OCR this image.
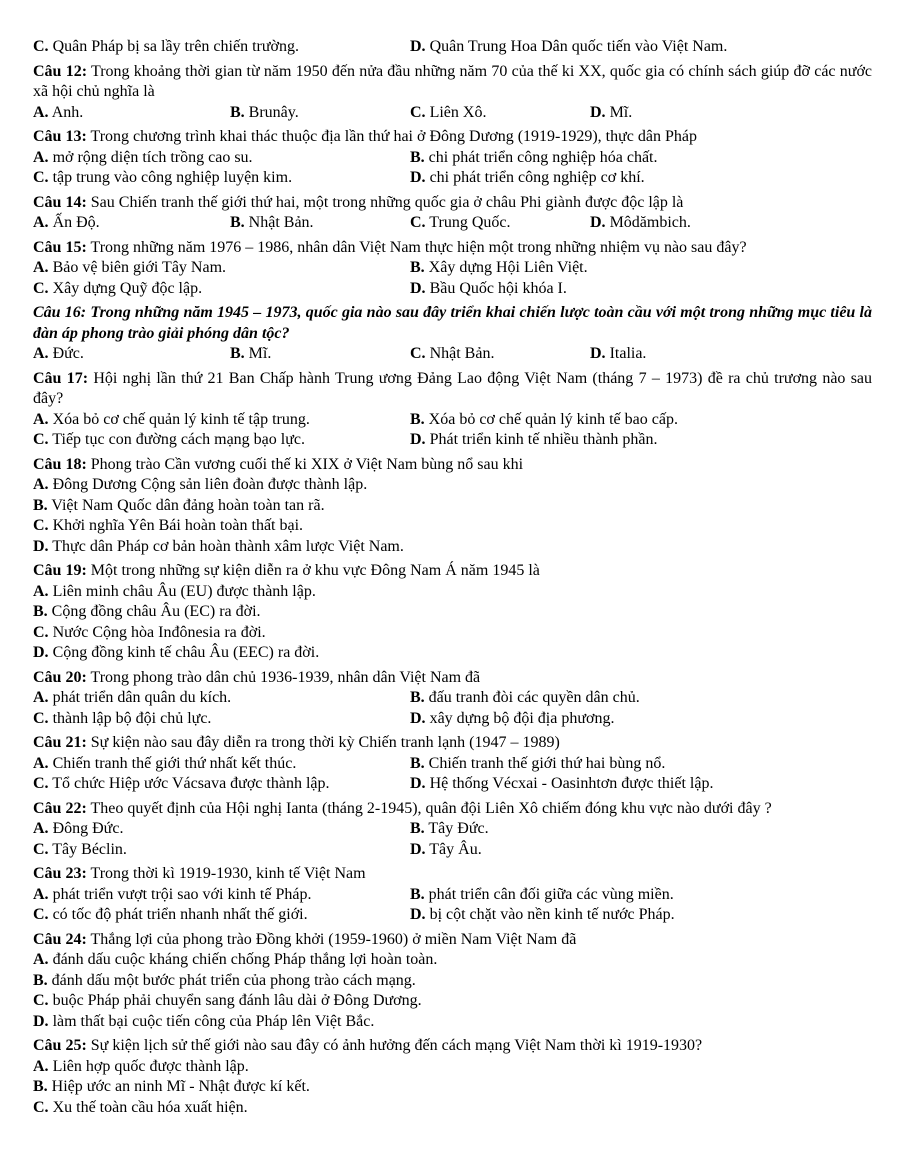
C. Quân Pháp bị sa lầy trên chiến trường.	D. Quân Trung Hoa Dân quốc tiến vào Việt Nam.
Câu 12: Trong khoảng thời gian từ năm 1950 đến nửa đầu những năm 70 của thế ki XX, quốc gia có chính sách giúp đỡ các nước xã hội chủ nghĩa là
A. Anh.	B. Brunây.	C. Liên Xô.	D. Mĩ.
Câu 13: Trong chương trình khai thác thuộc địa lần thứ hai ở Đông Dương (1919-1929), thực dân Pháp
A. mở rộng diện tích trồng cao su.	B. chi phát triển công nghiệp hóa chất.
C. tập trung vào công nghiệp luyện kim.	D. chi phát triển công nghiệp cơ khí.
Câu 14: Sau Chiến tranh thế giới thứ hai, một trong những quốc gia ở châu Phi giành được độc lập là
A. Ấn Độ.	B. Nhật Bản.	C. Trung Quốc.	D. Môdămbich.
Câu 15: Trong những năm 1976 – 1986, nhân dân Việt Nam thực hiện một trong những nhiệm vụ nào sau đây?
A. Bảo vệ biên giới Tây Nam.	B. Xây dựng Hội Liên Việt.
C. Xây dựng Quỹ độc lập.	D. Bầu Quốc hội khóa I.
Câu 16: Trong những năm 1945 – 1973, quốc gia nào sau đây triển khai chiến lược toàn cầu với một trong những mục tiêu là đàn áp phong trào giải phóng dân tộc?
A. Đức.	B. Mĩ.	C. Nhật Bản.	D. Italia.
Câu 17: Hội nghị lần thứ 21 Ban Chấp hành Trung ương Đảng Lao động Việt Nam (tháng 7 – 1973) đề ra chủ trương nào sau đây?
A. Xóa bỏ cơ chế quản lý kinh tế tập trung.	B. Xóa bỏ cơ chế quản lý kinh tế bao cấp.
C. Tiếp tục con đường cách mạng bạo lực.	D. Phát triển kinh tế nhiều thành phần.
Câu 18: Phong trào Cần vương cuối thế ki XIX ở Việt Nam bùng nổ sau khi
A. Đông Dương Cộng sản liên đoàn được thành lập.
B. Việt Nam Quốc dân đảng hoàn toàn tan rã.
C. Khởi nghĩa Yên Bái hoàn toàn thất bại.
D. Thực dân Pháp cơ bản hoàn thành xâm lược Việt Nam.
Câu 19: Một trong những sự kiện diễn ra ở khu vực Đông Nam Á năm 1945 là
A. Liên minh châu Âu (EU) được thành lập.
B. Cộng đồng châu Âu (EC) ra đời.
C. Nước Cộng hòa Inđônesia ra đời.
D. Cộng đồng kinh tế châu Âu (EEC) ra đời.
Câu 20: Trong phong trào dân chủ 1936-1939, nhân dân Việt Nam đã
A. phát triển dân quân du kích.	B. đấu tranh đòi các quyền dân chủ.
C. thành lập bộ đội chủ lực.	D. xây dựng bộ đội địa phương.
Câu 21: Sự kiện nào sau đây diễn ra trong thời kỳ Chiến tranh lạnh (1947 – 1989)
A. Chiến tranh thế giới thứ nhất kết thúc.	B. Chiến tranh thế giới thứ hai bùng nổ.
C. Tổ chức Hiệp ước Vácsava được thành lập.	D. Hệ thống Vécxai - Oasinhtơn được thiết lập.
Câu 22: Theo quyết định của Hội nghị Ianta (tháng 2-1945), quân đội Liên Xô chiếm đóng khu vực nào dưới đây ?
A. Đông Đức.	B. Tây Đức.
C. Tây Béclin.	D. Tây Âu.
Câu 23: Trong thời kì 1919-1930, kinh tế Việt Nam
A. phát triển vượt trội sao với kinh tế Pháp.	B. phát triển cân đối giữa các vùng miền.
C. có tốc độ phát triển nhanh nhất thế giới.	D. bị cột chặt vào nền kinh tế nước Pháp.
Câu 24: Thắng lợi của phong trào Đồng khởi (1959-1960) ở miền Nam Việt Nam đã
A. đánh dấu cuộc kháng chiến chống Pháp thắng lợi hoàn toàn.
B. đánh dấu một bước phát triển của phong trào cách mạng.
C. buộc Pháp phải chuyển sang đánh lâu dài ở Đông Dương.
D. làm thất bại cuộc tiến công của Pháp lên Việt Bắc.
Câu 25: Sự kiện lịch sử thế giới nào sau đây có ảnh hưởng đến cách mạng Việt Nam thời kì 1919-1930?
A. Liên hợp quốc được thành lập.
B. Hiệp ước an ninh Mĩ - Nhật được kí kết.
C. Xu thế toàn cầu hóa xuất hiện.
